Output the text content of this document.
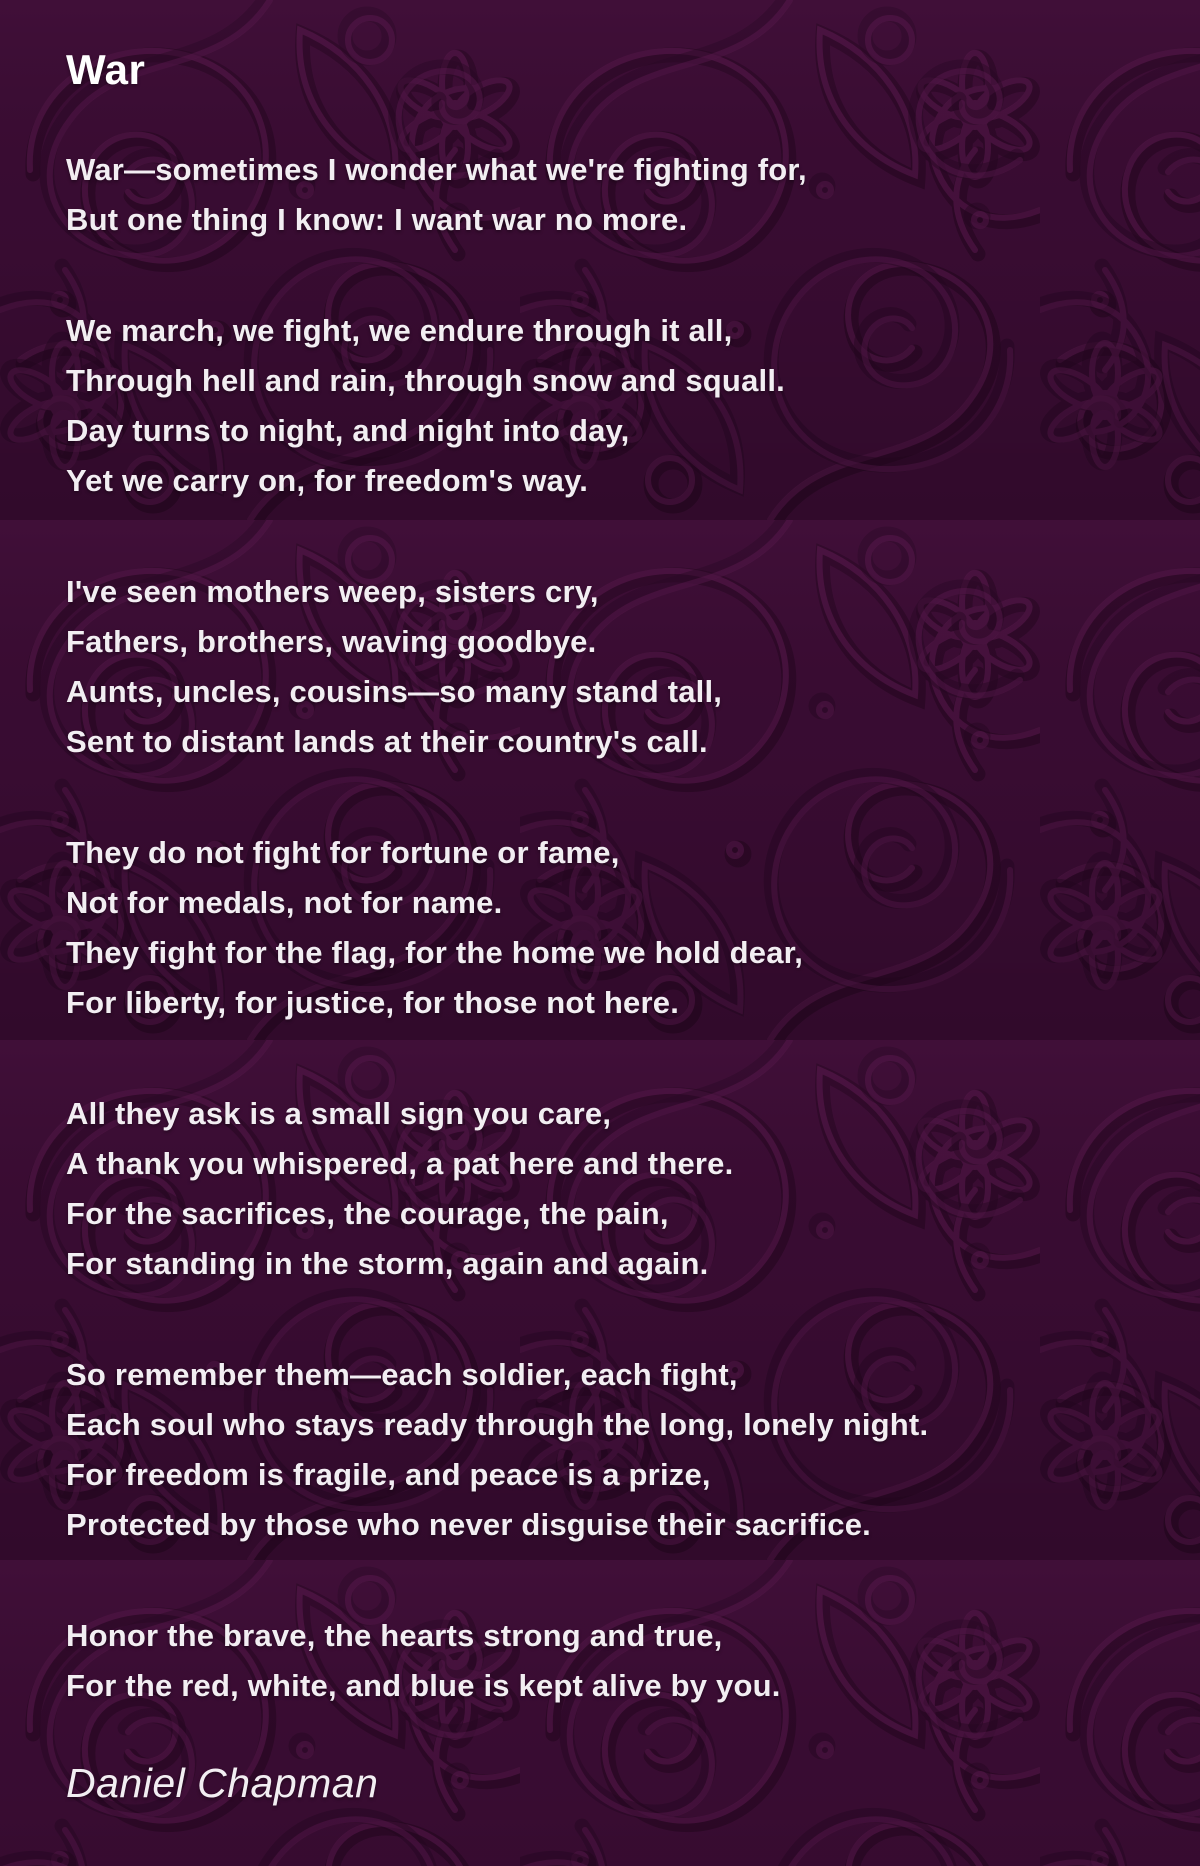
War
War—sometimes I wonder what we're fighting for,
But one thing I know: I want war no more.
We march, we fight, we endure through it all,
Through hell and rain, through snow and squall.
Day turns to night, and night into day,
Yet we carry on, for freedom's way.
I've seen mothers weep, sisters cry,
Fathers, brothers, waving goodbye.
Aunts, uncles, cousins—so many stand tall,
Sent to distant lands at their country's call.
They do not fight for fortune or fame,
Not for medals, not for name.
They fight for the flag, for the home we hold dear,
For liberty, for justice, for those not here.
All they ask is a small sign you care,
A thank you whispered, a pat here and there.
For the sacrifices, the courage, the pain,
For standing in the storm, again and again.
So remember them—each soldier, each fight,
Each soul who stays ready through the long, lonely night.
For freedom is fragile, and peace is a prize,
Protected by those who never disguise their sacrifice.
Honor the brave, the hearts strong and true,
For the red, white, and blue is kept alive by you.
Daniel Chapman
